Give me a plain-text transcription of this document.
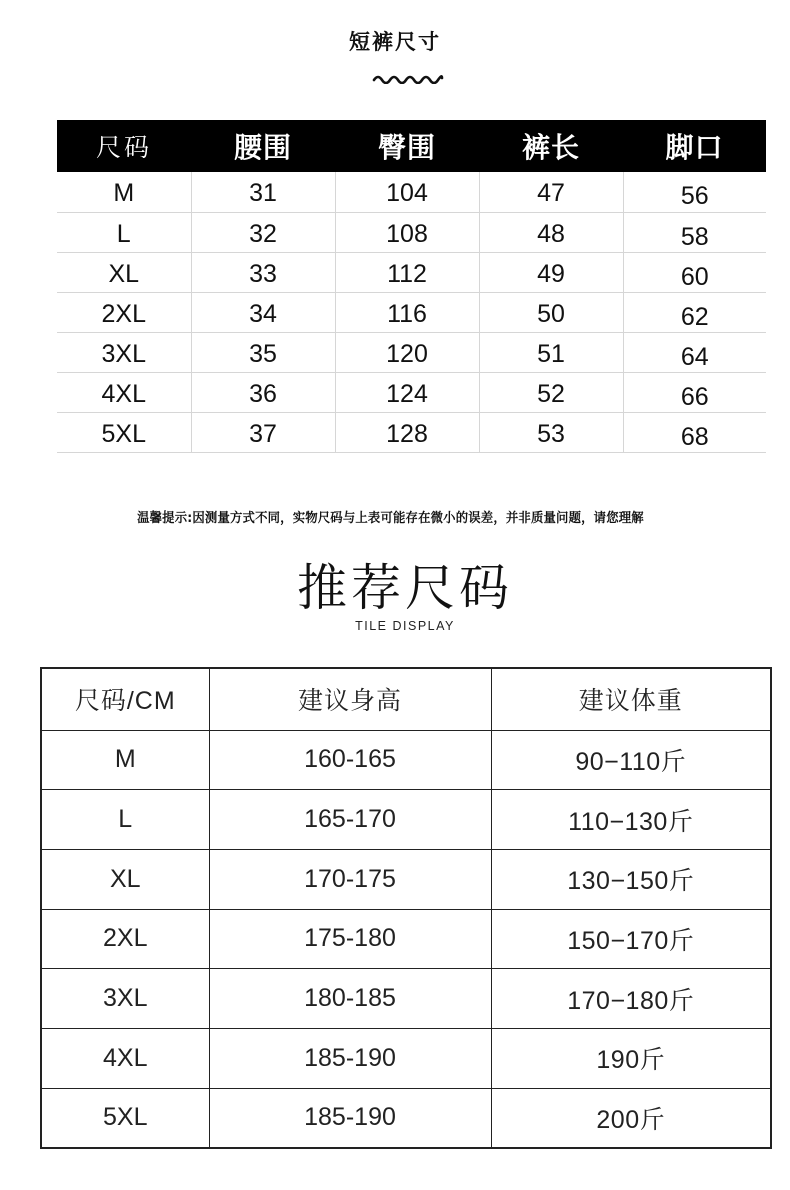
短裤尺寸
尺码	腰围	臀围	裤长	脚口
M	31	104	47	56
L	32	108	48	58
XL	33	112	49	60
2XL	34	116	50	62
3XL	35	120	51	64
4XL	36	124	52	66
5XL	37	128	53	68
温馨提示:因测量方式不同，实物尺码与上表可能存在微小的误差，并非质量问题，请您理解
推荐尺码
TILE DISPLAY
尺码/CM	建议身高	建议体重
M	160-165	90−110斤
L	165-170	110−130斤
XL	170-175	130−150斤
2XL	175-180	150−170斤
3XL	180-185	170−180斤
4XL	185-190	190斤
5XL	185-190	200斤
